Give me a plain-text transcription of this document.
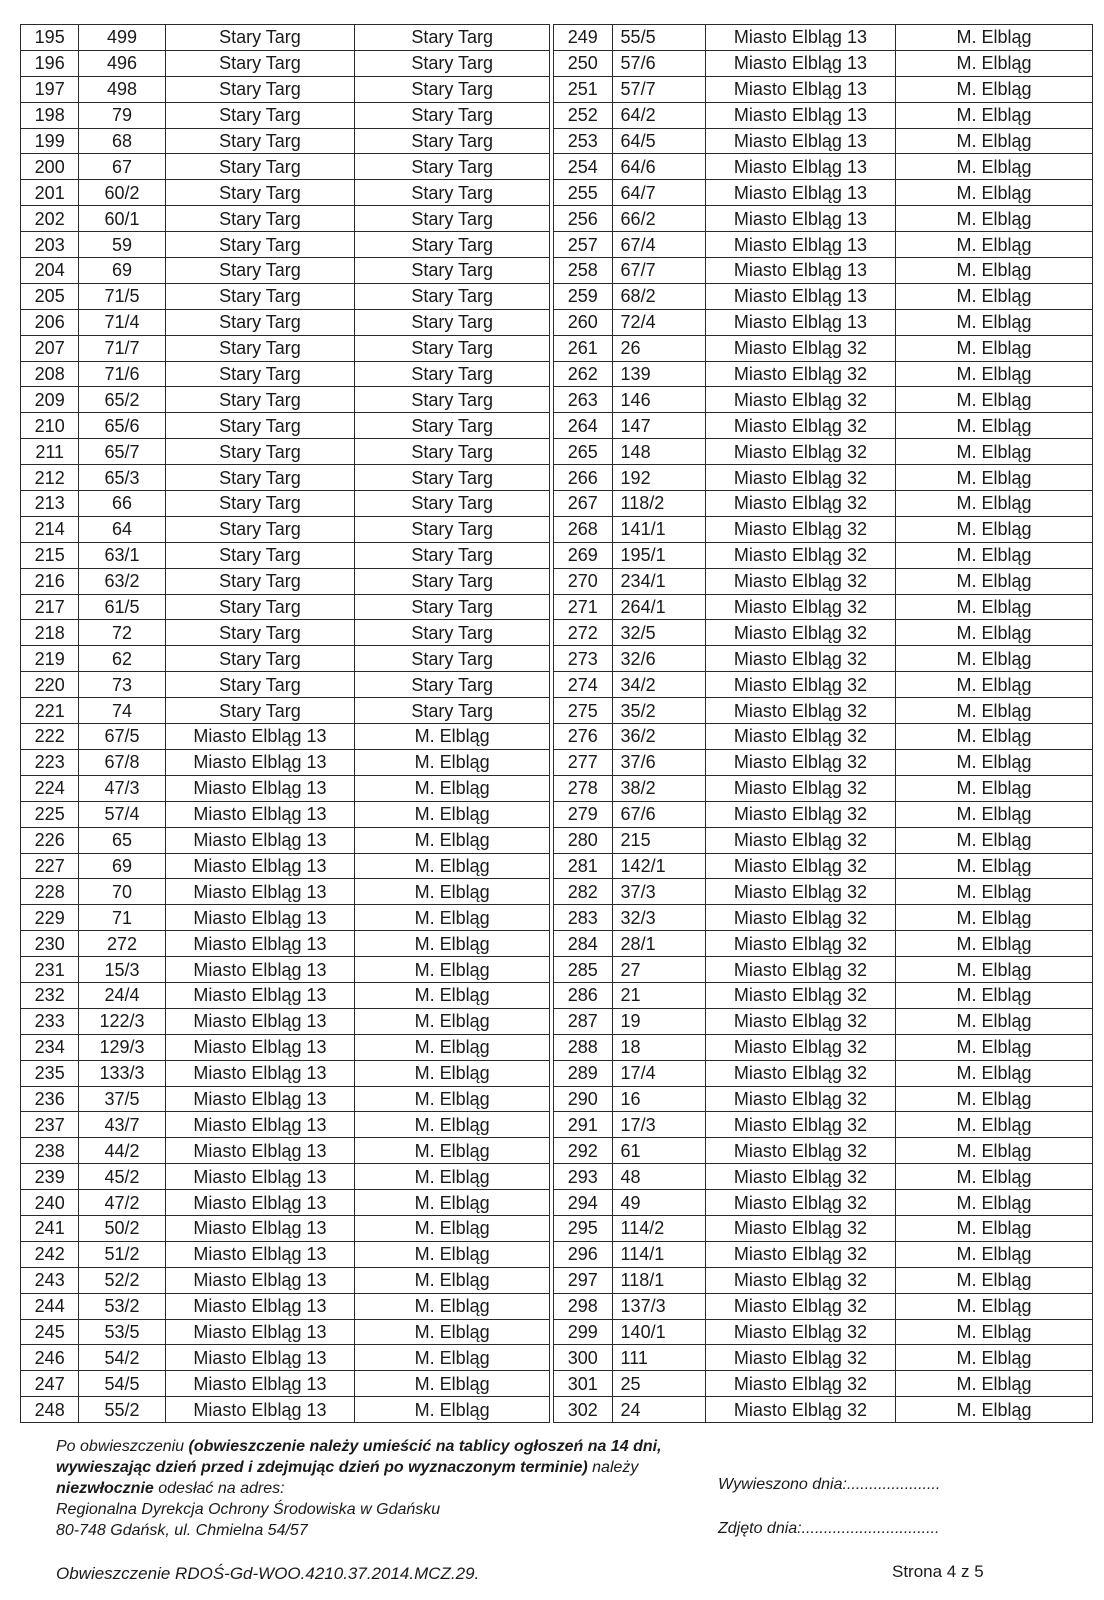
195	499	Stary Targ	Stary Targ
196	496	Stary Targ	Stary Targ
197	498	Stary Targ	Stary Targ
198	79	Stary Targ	Stary Targ
199	68	Stary Targ	Stary Targ
200	67	Stary Targ	Stary Targ
201	60/2	Stary Targ	Stary Targ
202	60/1	Stary Targ	Stary Targ
203	59	Stary Targ	Stary Targ
204	69	Stary Targ	Stary Targ
205	71/5	Stary Targ	Stary Targ
206	71/4	Stary Targ	Stary Targ
207	71/7	Stary Targ	Stary Targ
208	71/6	Stary Targ	Stary Targ
209	65/2	Stary Targ	Stary Targ
210	65/6	Stary Targ	Stary Targ
211	65/7	Stary Targ	Stary Targ
212	65/3	Stary Targ	Stary Targ
213	66	Stary Targ	Stary Targ
214	64	Stary Targ	Stary Targ
215	63/1	Stary Targ	Stary Targ
216	63/2	Stary Targ	Stary Targ
217	61/5	Stary Targ	Stary Targ
218	72	Stary Targ	Stary Targ
219	62	Stary Targ	Stary Targ
220	73	Stary Targ	Stary Targ
221	74	Stary Targ	Stary Targ
222	67/5	Miasto Elbląg 13	M. Elbląg
223	67/8	Miasto Elbląg 13	M. Elbląg
224	47/3	Miasto Elbląg 13	M. Elbląg
225	57/4	Miasto Elbląg 13	M. Elbląg
226	65	Miasto Elbląg 13	M. Elbląg
227	69	Miasto Elbląg 13	M. Elbląg
228	70	Miasto Elbląg 13	M. Elbląg
229	71	Miasto Elbląg 13	M. Elbląg
230	272	Miasto Elbląg 13	M. Elbląg
231	15/3	Miasto Elbląg 13	M. Elbląg
232	24/4	Miasto Elbląg 13	M. Elbląg
233	122/3	Miasto Elbląg 13	M. Elbląg
234	129/3	Miasto Elbląg 13	M. Elbląg
235	133/3	Miasto Elbląg 13	M. Elbląg
236	37/5	Miasto Elbląg 13	M. Elbląg
237	43/7	Miasto Elbląg 13	M. Elbląg
238	44/2	Miasto Elbląg 13	M. Elbląg
239	45/2	Miasto Elbląg 13	M. Elbląg
240	47/2	Miasto Elbląg 13	M. Elbląg
241	50/2	Miasto Elbląg 13	M. Elbląg
242	51/2	Miasto Elbląg 13	M. Elbląg
243	52/2	Miasto Elbląg 13	M. Elbląg
244	53/2	Miasto Elbląg 13	M. Elbląg
245	53/5	Miasto Elbląg 13	M. Elbląg
246	54/2	Miasto Elbląg 13	M. Elbląg
247	54/5	Miasto Elbląg 13	M. Elbląg
248	55/2	Miasto Elbląg 13	M. Elbląg
249	55/5	Miasto Elbląg 13	M. Elbląg
250	57/6	Miasto Elbląg 13	M. Elbląg
251	57/7	Miasto Elbląg 13	M. Elbląg
252	64/2	Miasto Elbląg 13	M. Elbląg
253	64/5	Miasto Elbląg 13	M. Elbląg
254	64/6	Miasto Elbląg 13	M. Elbląg
255	64/7	Miasto Elbląg 13	M. Elbląg
256	66/2	Miasto Elbląg 13	M. Elbląg
257	67/4	Miasto Elbląg 13	M. Elbląg
258	67/7	Miasto Elbląg 13	M. Elbląg
259	68/2	Miasto Elbląg 13	M. Elbląg
260	72/4	Miasto Elbląg 13	M. Elbląg
261	26	Miasto Elbląg 32	M. Elbląg
262	139	Miasto Elbląg 32	M. Elbląg
263	146	Miasto Elbląg 32	M. Elbląg
264	147	Miasto Elbląg 32	M. Elbląg
265	148	Miasto Elbląg 32	M. Elbląg
266	192	Miasto Elbląg 32	M. Elbląg
267	118/2	Miasto Elbląg 32	M. Elbląg
268	141/1	Miasto Elbląg 32	M. Elbląg
269	195/1	Miasto Elbląg 32	M. Elbląg
270	234/1	Miasto Elbląg 32	M. Elbląg
271	264/1	Miasto Elbląg 32	M. Elbląg
272	32/5	Miasto Elbląg 32	M. Elbląg
273	32/6	Miasto Elbląg 32	M. Elbląg
274	34/2	Miasto Elbląg 32	M. Elbląg
275	35/2	Miasto Elbląg 32	M. Elbląg
276	36/2	Miasto Elbląg 32	M. Elbląg
277	37/6	Miasto Elbląg 32	M. Elbląg
278	38/2	Miasto Elbląg 32	M. Elbląg
279	67/6	Miasto Elbląg 32	M. Elbląg
280	215	Miasto Elbląg 32	M. Elbląg
281	142/1	Miasto Elbląg 32	M. Elbląg
282	37/3	Miasto Elbląg 32	M. Elbląg
283	32/3	Miasto Elbląg 32	M. Elbląg
284	28/1	Miasto Elbląg 32	M. Elbląg
285	27	Miasto Elbląg 32	M. Elbląg
286	21	Miasto Elbląg 32	M. Elbląg
287	19	Miasto Elbląg 32	M. Elbląg
288	18	Miasto Elbląg 32	M. Elbląg
289	17/4	Miasto Elbląg 32	M. Elbląg
290	16	Miasto Elbląg 32	M. Elbląg
291	17/3	Miasto Elbląg 32	M. Elbląg
292	61	Miasto Elbląg 32	M. Elbląg
293	48	Miasto Elbląg 32	M. Elbląg
294	49	Miasto Elbląg 32	M. Elbląg
295	114/2	Miasto Elbląg 32	M. Elbląg
296	114/1	Miasto Elbląg 32	M. Elbląg
297	118/1	Miasto Elbląg 32	M. Elbląg
298	137/3	Miasto Elbląg 32	M. Elbląg
299	140/1	Miasto Elbląg 32	M. Elbląg
300	111	Miasto Elbląg 32	M. Elbląg
301	25	Miasto Elbląg 32	M. Elbląg
302	24	Miasto Elbląg 32	M. Elbląg
Po obwieszczeniu (obwieszczenie należy umieścić na tablicy ogłoszeń na 14 dni, wywieszając dzień przed i zdejmując dzień po wyznaczonym terminie) należy niezwłocznie odesłać na adres:
Regionalna Dyrekcja Ochrony Środowiska w Gdańsku
80-748 Gdańsk, ul. Chmielna 54/57
Wywieszono dnia:.....................
Zdjęto dnia:...............................
Obwieszczenie RDOŚ-Gd-WOO.4210.37.2014.MCZ.29.	Strona 4 z 5
